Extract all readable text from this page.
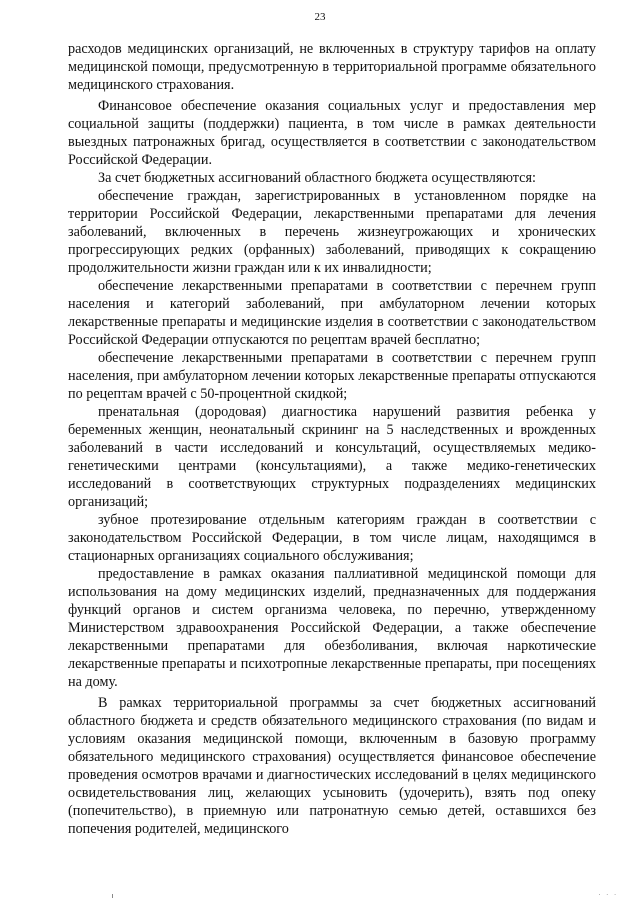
23

расходов медицинских организаций, не включенных в структуру тарифов на оплату медицинской помощи, предусмотренную в территориальной программе обязательного медицинского страхования.

Финансовое обеспечение оказания социальных услуг и предоставления мер социальной защиты (поддержки) пациента, в том числе в рамках деятельности выездных патронажных бригад, осуществляется в соответствии с законодательством Российской Федерации.

За счет бюджетных ассигнований областного бюджета осуществляются:

обеспечение граждан, зарегистрированных в установленном порядке на территории Российской Федерации, лекарственными препаратами для лечения заболеваний, включенных в перечень жизнеугрожающих и хронических прогрессирующих редких (орфанных) заболеваний, приводящих к сокращению продолжительности жизни граждан или к их инвалидности;

обеспечение лекарственными препаратами в соответствии с перечнем групп населения и категорий заболеваний, при амбулаторном лечении которых лекарственные препараты и медицинские изделия в соответствии с законодательством Российской Федерации отпускаются по рецептам врачей бесплатно;

обеспечение лекарственными препаратами в соответствии с перечнем групп населения, при амбулаторном лечении которых лекарственные препараты отпускаются по рецептам врачей с 50-процентной скидкой;

пренатальная (дородовая) диагностика нарушений развития ребенка у беременных женщин, неонатальный скрининг на 5 наследственных и врожденных заболеваний в части исследований и консультаций, осуществляемых медико-генетическими центрами (консультациями), а также медико-генетических исследований в соответствующих структурных подразделениях медицинских организаций;

зубное протезирование отдельным категориям граждан в соответствии с законодательством Российской Федерации, в том числе лицам, находящимся в стационарных организациях социального обслуживания;

предоставление в рамках оказания паллиативной медицинской помощи для использования на дому медицинских изделий, предназначенных для поддержания функций органов и систем организма человека, по перечню, утвержденному Министерством здравоохранения Российской Федерации, а также обеспечение лекарственными препаратами для обезболивания, включая наркотические лекарственные препараты и психотропные лекарственные препараты, при посещениях на дому.

В рамках территориальной программы за счет бюджетных ассигнований областного бюджета и средств обязательного медицинского страхования (по видам и условиям оказания медицинской помощи, включенным в базовую программу обязательного медицинского страхования) осуществляется финансовое обеспечение проведения осмотров врачами и диагностических исследований в целях медицинского освидетельствования лиц, желающих усыновить (удочерить), взять под опеку (попечительство), в приемную или патронатную семью детей, оставшихся без попечения родителей, медицинского

· · ·
